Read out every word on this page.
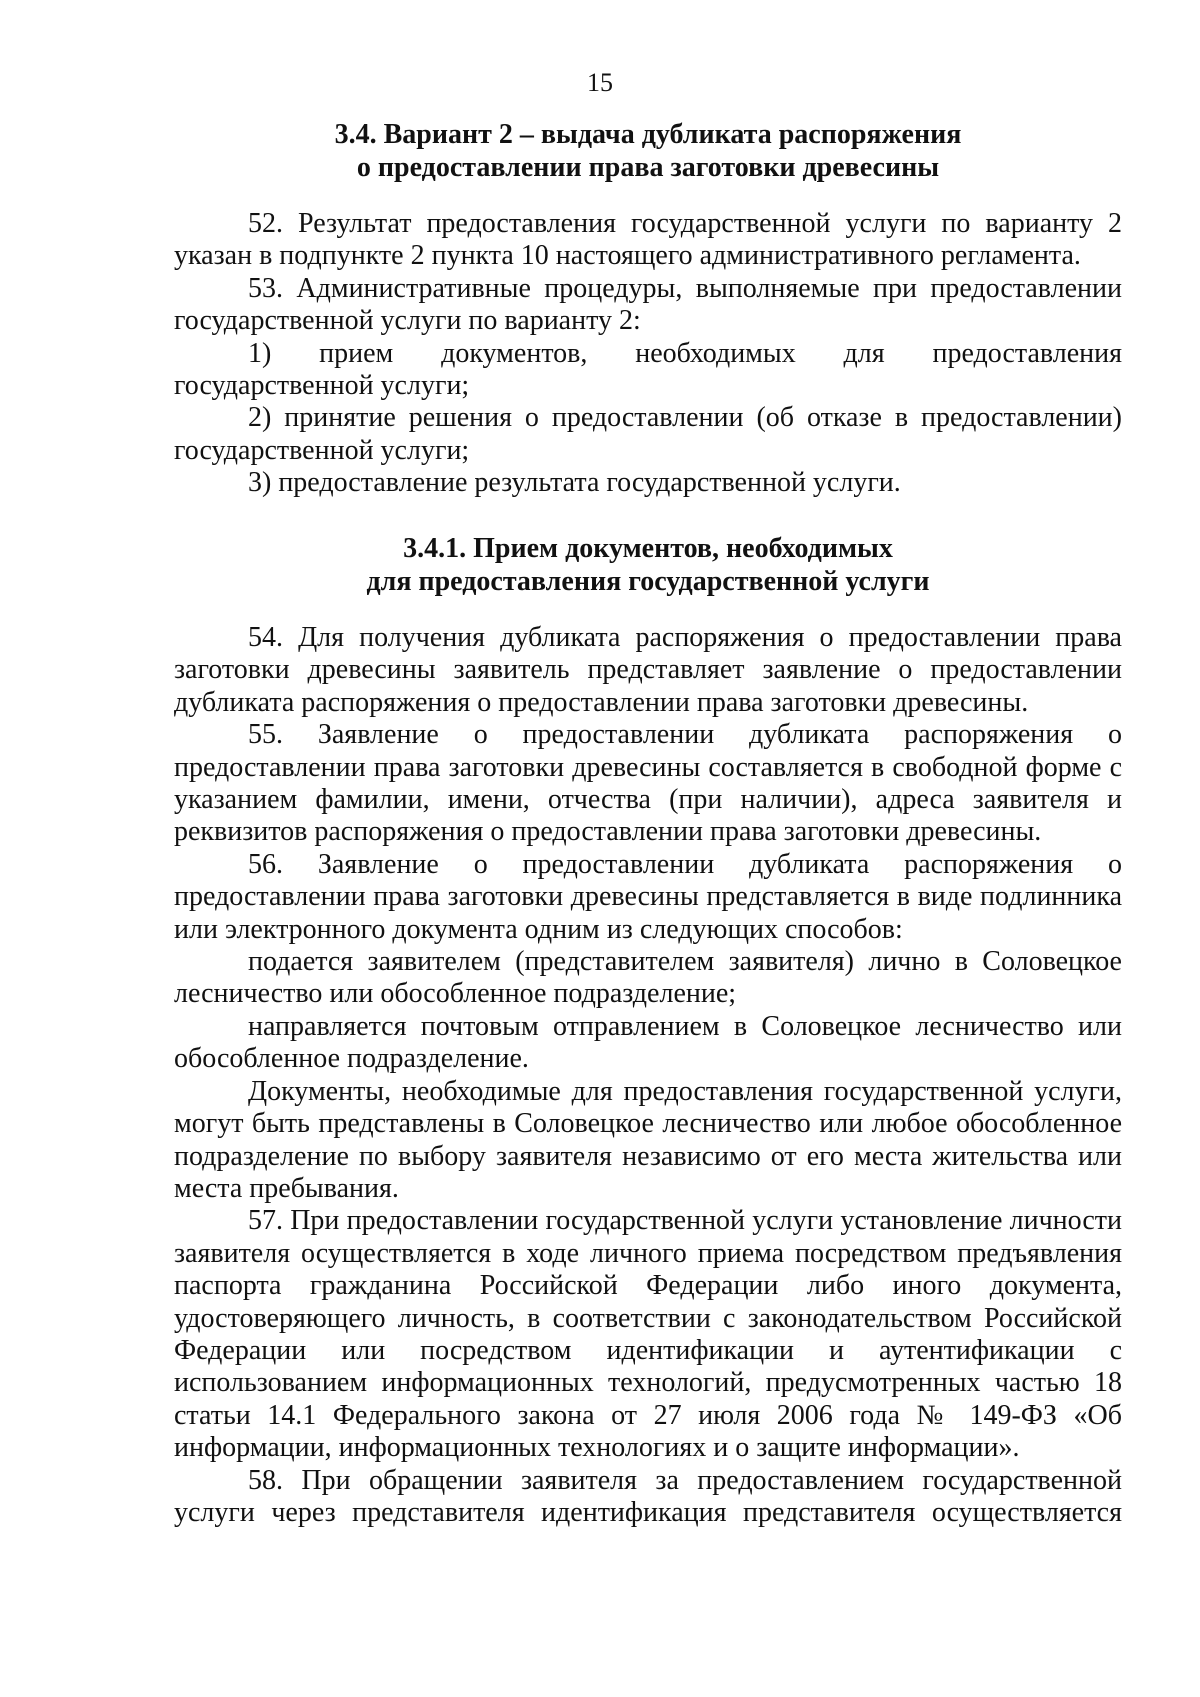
15
3.4. Вариант 2 – выдача дубликата распоряжения
о предоставлении права заготовки древесины

52. Результат предоставления государственной услуги по варианту 2 указан в подпункте 2 пункта 10 настоящего административного регламента.

53. Административные процедуры, выполняемые при предоставлении государственной услуги по варианту 2:

1) прием документов, необходимых для предоставления государственной услуги;

2) принятие решения о предоставлении (об отказе в предоставлении) государственной услуги;

3) предоставление результата государственной услуги.

3.4.1. Прием документов, необходимых
для предоставления государственной услуги

54. Для получения дубликата распоряжения о предоставлении права заготовки древесины заявитель представляет заявление о предоставлении дубликата распоряжения о предоставлении права заготовки древесины.

55. Заявление о предоставлении дубликата распоряжения о предоставлении права заготовки древесины составляется в свободной форме с указанием фамилии, имени, отчества (при наличии), адреса заявителя и реквизитов распоряжения о предоставлении права заготовки древесины.

56. Заявление о предоставлении дубликата распоряжения о предоставлении права заготовки древесины представляется в виде подлинника или электронного документа одним из следующих способов:

подается заявителем (представителем заявителя) лично в Соловецкое лесничество или обособленное подразделение;

направляется почтовым отправлением в Соловецкое лесничество или обособленное подразделение.

Документы, необходимые для предоставления государственной услуги, могут быть представлены в Соловецкое лесничество или любое обособленное подразделение по выбору заявителя независимо от его места жительства или места пребывания.

57. При предоставлении государственной услуги установление личности заявителя осуществляется в ходе личного приема посредством предъявления паспорта гражданина Российской Федерации либо иного документа, удостоверяющего личность, в соответствии с законодательством Российской Федерации или посредством идентификации и аутентификации с использованием информационных технологий, предусмотренных частью 18 статьи 14.1 Федерального закона от 27 июля 2006 года № 149-ФЗ «Об информации, информационных технологиях и о защите информации».

58. При обращении заявителя за предоставлением государственной услуги через представителя идентификация представителя осуществляется
